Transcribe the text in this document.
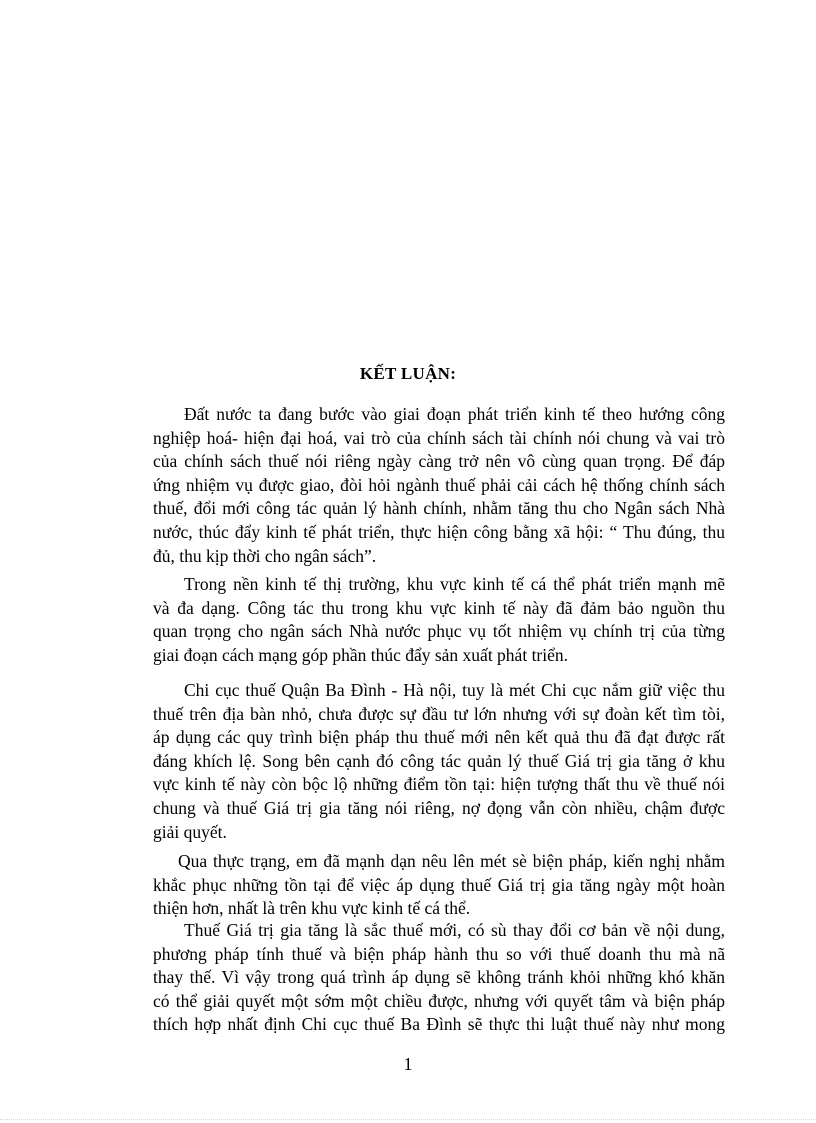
KẾT LUẬN:

Đất nước ta đang bước vào giai đoạn phát triển kinh tế theo hướng công
nghiệp hoá- hiện đại hoá, vai trò của chính sách tài chính nói chung và vai trò
của chính sách thuế nói riêng ngày càng trở nên vô cùng quan trọng. Để đáp
ứng nhiệm vụ được giao, đòi hỏi ngành thuế phải cải cách hệ thống chính sách
thuế, đổi mới công tác quản lý hành chính, nhằm tăng thu cho Ngân sách Nhà
nước, thúc đẩy kinh tế phát triển, thực hiện công bằng xã hội: “ Thu đúng, thu
đủ, thu kịp thời cho ngân sách”.

Trong nền kinh tế thị trường, khu vực kinh tế cá thể phát triển mạnh mẽ
và đa dạng. Công tác thu trong khu vực kinh tế này đã đảm bảo nguồn thu
quan trọng cho ngân sách Nhà nước phục vụ tốt nhiệm vụ chính trị của từng
giai đoạn cách mạng góp phần thúc đẩy sản xuất phát triển.

Chi cục thuế Quận Ba Đình - Hà nội, tuy là mét Chi cục nắm giữ việc thu
thuế trên địa bàn nhỏ, chưa được sự đầu tư lớn nhưng với sự đoàn kết tìm tòi,
áp dụng các quy trình biện pháp thu thuế mới nên kết quả thu đã đạt được rất
đáng khích lệ. Song bên cạnh đó công tác quản lý thuế Giá trị gia tăng ở khu
vực kinh tế này còn bộc lộ những điểm tồn tại: hiện tượng thất thu về thuế nói
chung và thuế Giá trị gia tăng nói riêng, nợ đọng vẫn còn nhiều, chậm được
giải quyết.

Qua thực trạng, em đã mạnh dạn nêu lên mét sè biện pháp, kiến nghị nhằm
khắc phục những tồn tại để việc áp dụng thuế Giá trị gia tăng ngày một hoàn
thiện hơn, nhất là trên khu vực kinh tế cá thể.

Thuế Giá trị gia tăng là sắc thuế mới, có sù thay đổi cơ bản về nội dung,
phương pháp tính thuế và biện pháp hành thu so với thuế doanh thu mà nã
thay thế. Vì vậy trong quá trình áp dụng sẽ không tránh khỏi những khó khăn
có thể giải quyết một sớm một chiều được, nhưng với quyết tâm và biện pháp
thích hợp nhất định Chi cục thuế Ba Đình sẽ thực thi luật thuế này như mong

1
